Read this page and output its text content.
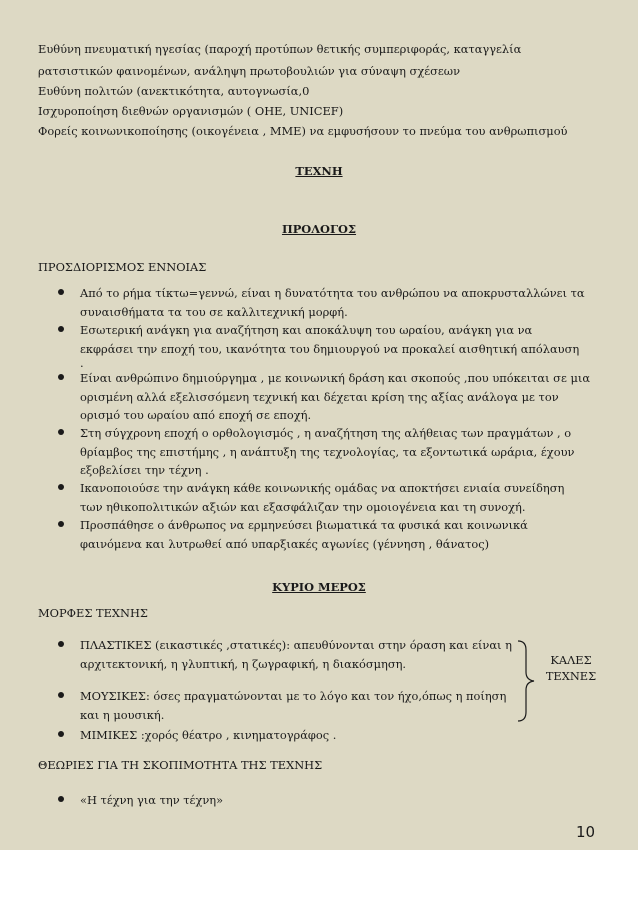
Ευθύνη πνευματική ηγεσίας (παροχή προτύπων θετικής συμπεριφοράς, καταγγελία
ρατσιστικών φαινομένων, ανάληψη πρωτοβουλιών για σύναψη σχέσεων
Ευθύνη πολιτών (ανεκτικότητα, αυτογνωσία,0
Ισχυροποίηση διεθνών οργανισμών ( ΟΗΕ, UNICEF)
Φορείς κοινωνικοποίησης (οικογένεια , ΜΜΕ) να εμφυσήσουν το πνεύμα του ανθρωπισμού
ΤΕΧΝΗ
ΠΡΟΛΟΓΟΣ
ΠΡΟΣΔΙΟΡΙΣΜΟΣ ΕΝΝΟΙΑΣ
Από το ρήμα τίκτω=γεννώ, είναι η δυνατότητα του ανθρώπου να αποκρυσταλλώνει τα
συναισθήματα τα του σε καλλιτεχνική μορφή.
Εσωτερική ανάγκη για αναζήτηση και αποκάλυψη του ωραίου, ανάγκη για να
εκφράσει την εποχή του, ικανότητα του δημιουργού να προκαλεί αισθητική απόλαυση
.
Είναι ανθρώπινο δημιούργημα , με κοινωνική δράση και σκοπούς ,που υπόκειται σε μια
ορισμένη αλλά εξελισσόμενη τεχνική και δέχεται κρίση της αξίας ανάλογα με τον
ορισμό του ωραίου από εποχή σε εποχή.
Στη σύγχρονη εποχή ο ορθολογισμός , η αναζήτηση της αλήθειας των πραγμάτων , ο
θρίαμβος της επιστήμης , η ανάπτυξη της τεχνολογίας, τα εξοντωτικά ωράρια, έχουν
εξοβελίσει την τέχνη .
Ικανοποιούσε την ανάγκη κάθε κοινωνικής ομάδας να αποκτήσει ενιαία συνείδηση
των ηθικοπολιτικών αξιών και εξασφάλιζαν την ομοιογένεια και τη συνοχή.
Προσπάθησε ο άνθρωπος να ερμηνεύσει βιωματικά τα φυσικά και κοινωνικά
φαινόμενα και λυτρωθεί από υπαρξιακές αγωνίες (γέννηση , θάνατος)
ΚΥΡΙΟ ΜΕΡΟΣ
ΜΟΡΦΕΣ ΤΕΧΝΗΣ
ΠΛΑΣΤΙΚΕΣ (εικαστικές ,στατικές): απευθύνονται στην όραση και είναι η
αρχιτεκτονική, η γλυπτική, η ζωγραφική, η διακόσμηση.
ΜΟΥΣΙΚΕΣ: όσες πραγματώνονται με το λόγο και τον ήχο,όπως η ποίηση
και η μουσική.
ΜΙΜΙΚΕΣ :χορός θέατρο , κινηματογράφος .
ΚΑΛΕΣ
ΤΕΧΝΕΣ
ΘΕΩΡΙΕΣ ΓΙΑ ΤΗ ΣΚΟΠΙΜΟΤΗΤΑ ΤΗΣ ΤΕΧΝΗΣ
«Η τέχνη για την τέχνη»
10
